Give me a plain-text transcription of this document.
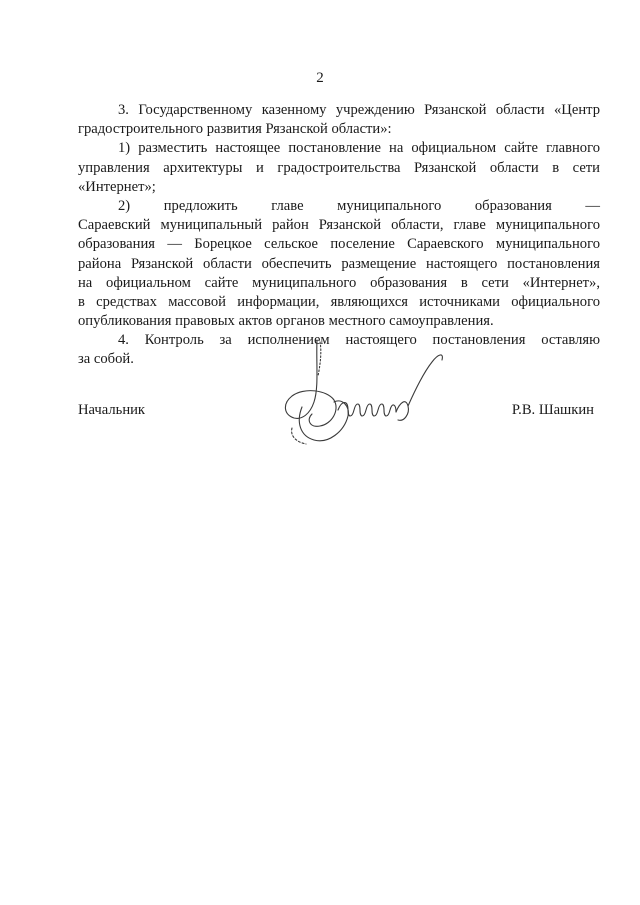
2
3. Государственному казенному учреждению Рязанской области «Центр
градостроительного развития Рязанской области»:
1) разместить настоящее постановление на официальном сайте главного
управления архитектуры и градостроительства Рязанской области в сети
«Интернет»;
2) предложить главе муниципального образования —
Сараевский муниципальный район Рязанской области, главе муниципального
образования — Борецкое сельское поселение Сараевского муниципального
района Рязанской области обеспечить размещение настоящего постановления
на официальном сайте муниципального образования в сети «Интернет»,
в средствах массовой информации, являющихся источниками официального
опубликования правовых актов органов местного самоуправления.
4. Контроль за исполнением настоящего постановления оставляю
за собой.
Начальник	Р.В. Шашкин
